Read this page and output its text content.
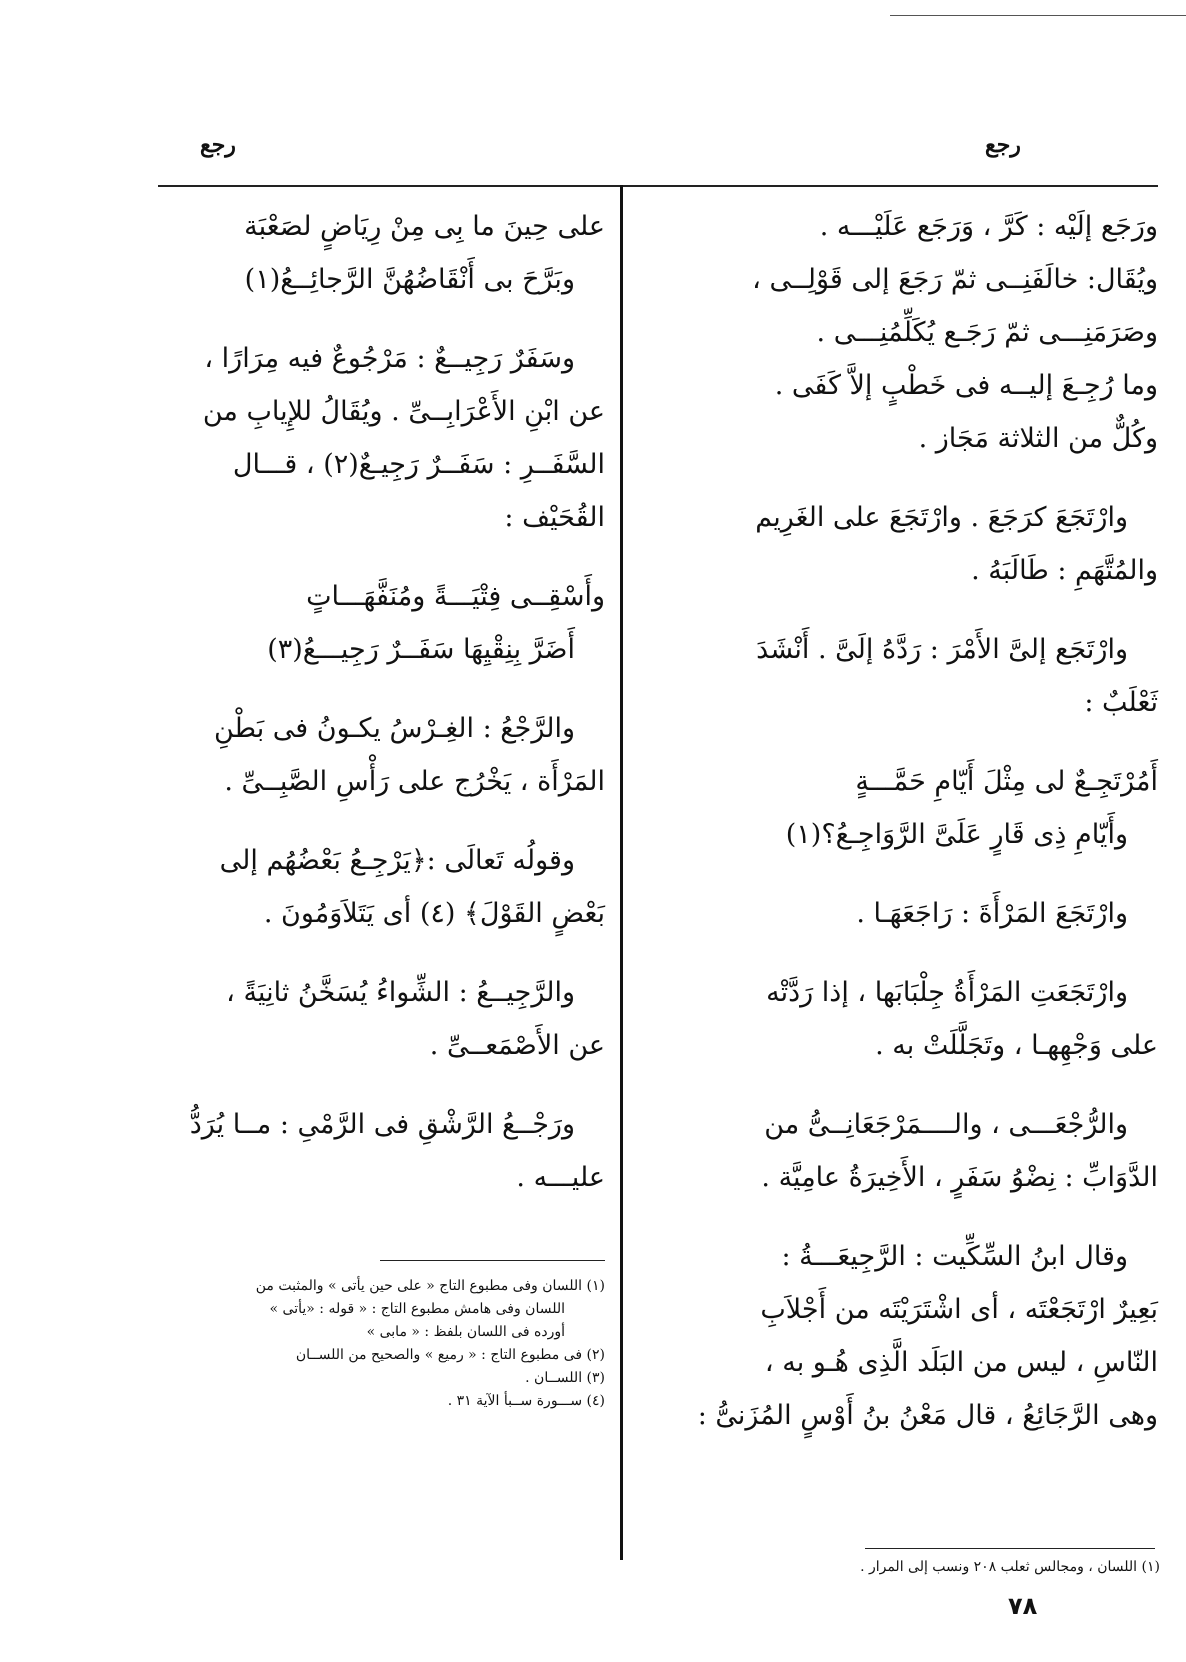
رجع	رجع
ورَجَع إلَيْه : كَرَّ ، وَرَجَع عَلَيْـــه .
ويُقَال: خالَفَنِــى ثمّ رَجَعَ إلى قَوْلِــى ،
وصَرَمَنِـــى ثمّ رَجَـع يُكَلِّمُنِـــى .
وما رُجِـعَ إليــه فى خَطْبٍ إلاَّ كَفَى .
وكُلٌّ من الثلاثة مَجَاز .
وارْتَجَعَ كرَجَعَ . وارْتَجَعَ على الغَرِيم
والمُتَّهَمِ : طَالَبَهُ .
وارْتَجَع إلىَّ الأَمْرَ : رَدَّهُ إلَىَّ . أَنْشَدَ
ثَعْلَبٌ :
أَمُرْتَجِـعٌ لى مِثْلَ أَيّامِ حَمَّـــةٍ
وأَيّامِ ذِى قَارٍ عَلَىَّ الرَّوَاجِـعُ؟(١)
وارْتَجَعَ المَرْأَةَ : رَاجَعَهَـا .
وارْتَجَعَتِ المَرْأَةُ جِلْبَابَها ، إذا رَدَّتْه
على وَجْهِهـا ، وتَجَلَّلَتْ به .
والرُّجْعَـــى ، والــــمَرْجَعَانِــىُّ من
الدَّوَابِّ : نِضْوُ سَفَرٍ ، الأَخِيرَةُ عامِيَّة .
وقال ابنُ السِّكِّيت : الرَّجِيعَـــةُ :
بَعِيرٌ ارْتَجَعْتَه ، أى اشْتَرَيْتَه من أَجْلاَبِ
النّاسِ ، ليس من البَلَد الَّذِى هُـو به ،
وهى الرَّجَائِعُ ، قال مَعْنُ بنُ أَوْسٍ المُزَنىُّ :
على حِينَ ما بِى مِنْ رِيَاضٍ لصَعْبَة
وبَرَّحَ بى أَنْقَاضُهُنَّ الرَّجائِــعُ(١)
وسَفَرٌ رَجِيــعٌ : مَرْجُوعٌ فيه مِرَارًا ،
عن ابْنِ الأَعْرَابِــىِّ . ويُقَالُ للإِيابِ من
السَّفَــرِ : سَفَــرٌ رَجِيـعٌ(٢) ، قـــال
القُحَيْف :
وأَسْقِــى فِتْيَـــةً ومُنَفَّهَـــاتٍ
أَضَرَّ بِنِقْيِهَا سَفَــرٌ رَجِيـــعُ(٣)
والرَّجْعُ : الغِـرْسُ يكـونُ فى بَطْنِ
المَرْأَة ، يَخْرُج على رَأْسِ الصَّبِــىِّ .
وقولُه تَعالَى :﴿يَرْجِـعُ بَعْضُهُم إلى
بَعْضٍ القَوْلَ﴾ (٤) أى يَتَلاَوَمُونَ .
والرَّجِيــعُ : الشِّواءُ يُسَخَّنُ ثانِيَةً ،
عن الأَصْمَعــىِّ .
ورَجْــعُ الرَّشْقِ فى الرَّمْىِ : مــا يُرَدُّ
عليـــه .
(١) اللسان وفى مطبوع التاج « على حين يأتى » والمثبت من
اللسان وفى هامش مطبوع التاج : « قوله : «يأتى »
أورده فى اللسان بلفظ : « مابى »
(٢) فى مطبوع التاج : « رميع » والصحيح من اللســان
(٣) اللســان .
(٤) ســـورة ســبأ الآية ٣١ .
(١) اللسان ، ومجالس ثعلب ٢٠٨ ونسب إلى المرار .
٧٨
